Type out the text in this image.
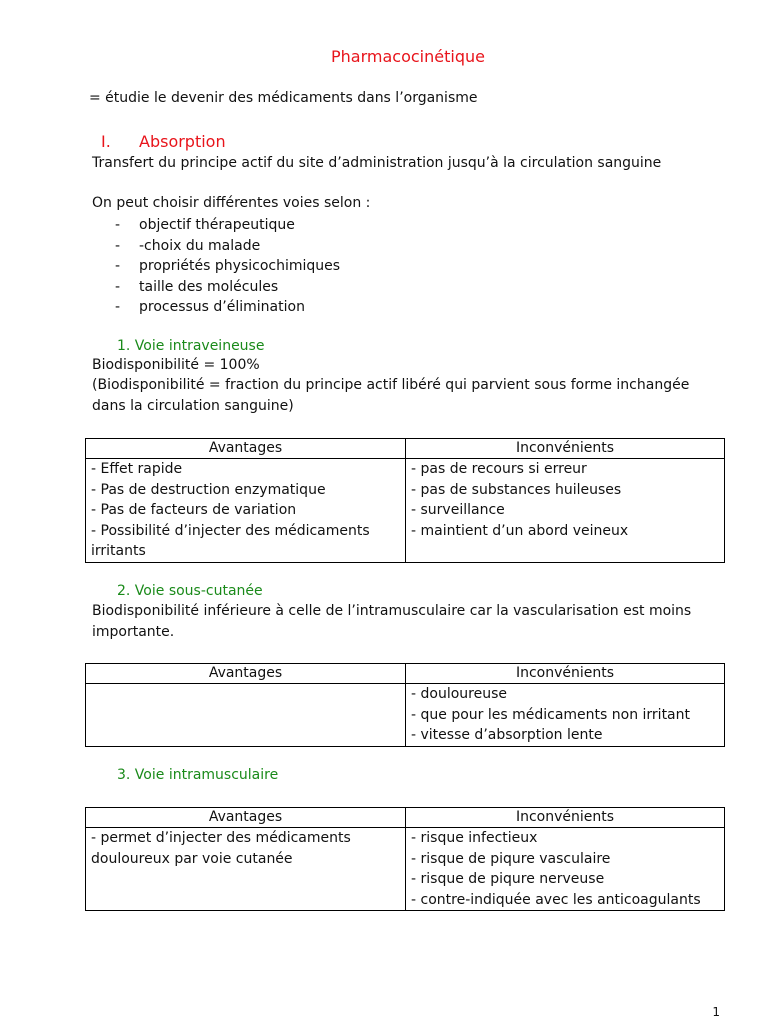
Pharmacocinétique
= étudie le devenir des médicaments dans l’organisme
I. Absorption
Transfert du principe actif du site d’administration jusqu’à la circulation sanguine
On peut choisir différentes voies selon :
- objectif thérapeutique
- -choix du malade
- propriétés physicochimiques
- taille des molécules
- processus d’élimination
1. Voie intraveineuse
Biodisponibilité = 100%
(Biodisponibilité = fraction du principe actif libéré qui parvient sous forme inchangée
dans la circulation sanguine)
Avantages	Inconvénients

- Effet rapide
- Pas de destruction enzymatique
- Pas de facteurs de variation
- Possibilité d’injecter des médicaments
irritants	- pas de recours si erreur
- pas de substances huileuses
- surveillance
- maintient d’un abord veineux
2. Voie sous-cutanée
Biodisponibilité inférieure à celle de l’intramusculaire car la vascularisation est moins
importante.
Avantages	Inconvénients

	- douloureuse
- que pour les médicaments non irritant
- vitesse d’absorption lente
3. Voie intramusculaire
Avantages	Inconvénients

- permet d’injecter des médicaments
douloureux par voie cutanée	- risque infectieux
- risque de piqure vasculaire
- risque de piqure nerveuse
- contre-indiquée avec les anticoagulants
1
